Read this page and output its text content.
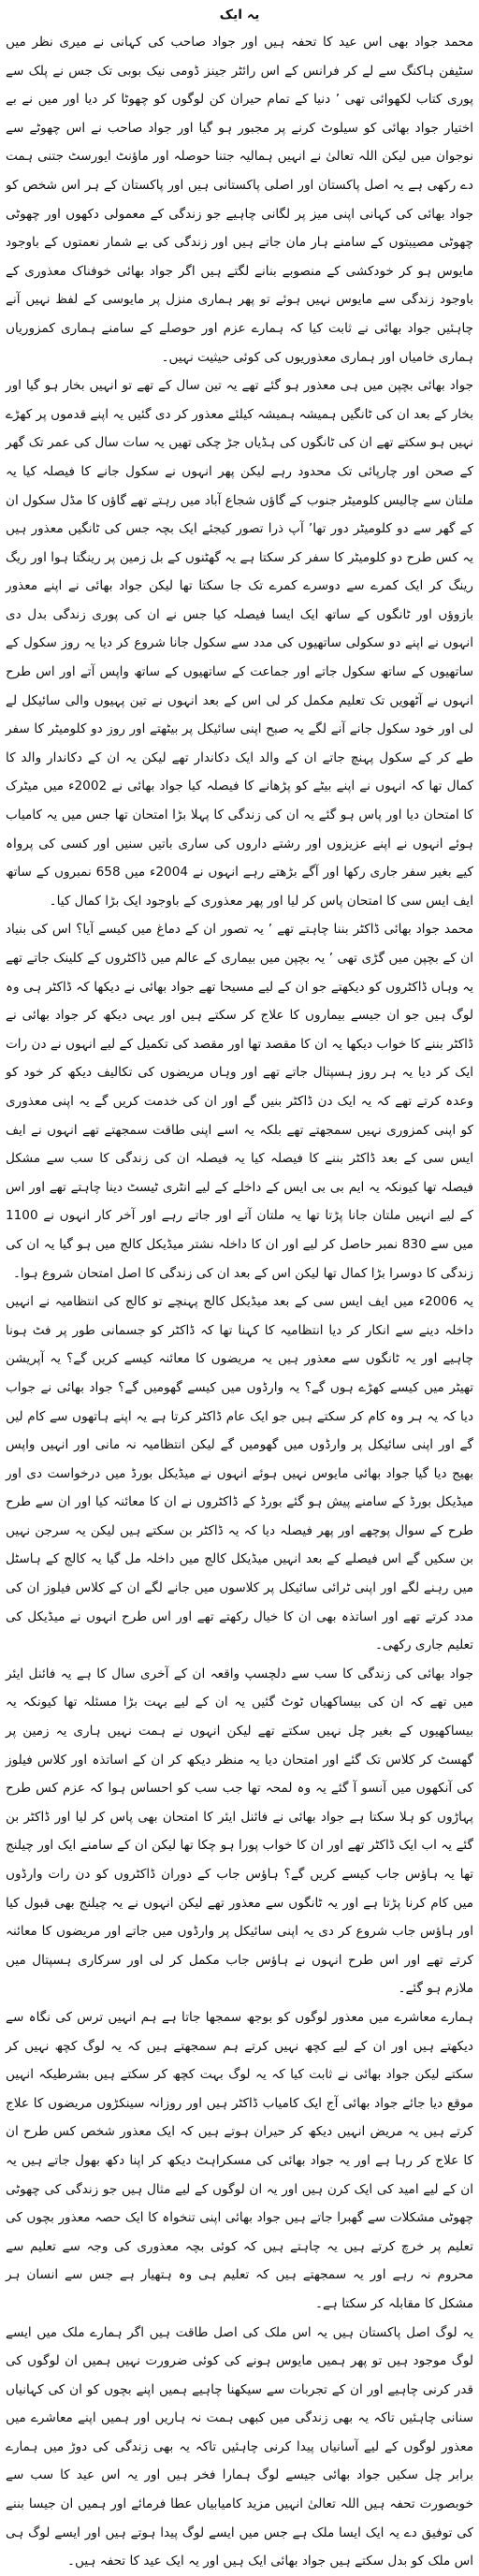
یہ ایک

محمد جواد بھی اس عید کا تحفہ ہیں اور جواد صاحب کی کہانی نے میری نظر میں سٹیفن ہاکنگ سے لے کر فرانس کے اس رائٹر جینز ڈومی نیک بوبی تک جس نے پلک سے پوری کتاب لکھوائی تھی ’ دنیا کے تمام حیران کن لوگوں کو چھوٹا کر دیا اور میں نے بے اختیار جواد بھائی کو سیلوٹ کرنے پر مجبور ہو گیا اور جواد صاحب نے اس چھوٹے سے نوجوان میں لیکن اللہ تعالیٰ نے انہیں ہمالیہ جتنا حوصلہ اور ماؤنٹ ایورسٹ جتنی ہمت دے رکھی ہے یہ اصل پاکستان اور اصلی پاکستانی ہیں اور پاکستان کے ہر اس شخص کو جواد بھائی کی کہانی اپنی میز پر لگانی چاہیے جو زندگی کے معمولی دکھوں اور چھوٹی چھوٹی مصیبتوں کے سامنے ہار مان جاتے ہیں اور زندگی کی بے شمار نعمتوں کے باوجود مایوس ہو کر خودکشی کے منصوبے بنانے لگتے ہیں اگر جواد بھائی خوفناک معذوری کے باوجود زندگی سے مایوس نہیں ہوئے تو پھر ہماری منزل پر مایوسی کے لفظ نہیں آنے چاہئیں جواد بھائی نے ثابت کیا کہ ہمارے عزم اور حوصلے کے سامنے ہماری کمزوریاں ہماری خامیاں اور ہماری معذوریوں کی کوئی حیثیت نہیں۔

جواد بھائی بچپن میں ہی معذور ہو گئے تھے یہ تین سال کے تھے تو انہیں بخار ہو گیا اور بخار کے بعد ان کی ٹانگیں ہمیشہ ہمیشہ کیلئے معذور کر دی گئیں یہ اپنے قدموں پر کھڑے نہیں ہو سکتے تھے ان کی ٹانگوں کی ہڈیاں جڑ چکی تھیں یہ سات سال کی عمر تک گھر کے صحن اور چارپائی تک محدود رہے لیکن پھر انہوں نے سکول جانے کا فیصلہ کیا یہ ملتان سے چالیس کلومیٹر جنوب کے گاؤں شجاع آباد میں رہتے تھے گاؤں کا مڈل سکول ان کے گھر سے دو کلومیٹر دور تھا’ آپ ذرا تصور کیجئے ایک بچہ جس کی ٹانگیں معذور ہیں یہ کس طرح دو کلومیٹر کا سفر کر سکتا ہے یہ گھٹنوں کے بل زمین پر رینگتا ہوا اور ریگ رینگ کر ایک کمرے سے دوسرے کمرے تک جا سکتا تھا لیکن جواد بھائی نے اپنے معذور بازوؤں اور ٹانگوں کے ساتھ ایک ایسا فیصلہ کیا جس نے ان کی پوری زندگی بدل دی انہوں نے اپنے دو سکولی ساتھیوں کی مدد سے سکول جانا شروع کر دیا یہ روز سکول کے ساتھیوں کے ساتھ سکول جاتے اور جماعت کے ساتھیوں کے ساتھ واپس آتے اور اس طرح انہوں نے آٹھویں تک تعلیم مکمل کر لی اس کے بعد انہوں نے تین پہیوں والی سائیکل لے لی اور خود سکول جانے آنے لگے یہ صبح اپنی سائیکل پر بیٹھتے اور روز دو کلومیٹر کا سفر طے کر کے سکول پہنچ جاتے ان کے والد ایک دکاندار تھے لیکن یہ ان کے دکاندار والد کا کمال تھا کہ انہوں نے اپنے بیٹے کو پڑھانے کا فیصلہ کیا جواد بھائی نے 2002ء میں میٹرک کا امتحان دیا اور پاس ہو گئے یہ ان کی زندگی کا پہلا بڑا امتحان تھا جس میں یہ کامیاب ہوئے انہوں نے اپنے عزیزوں اور رشتے داروں کی ساری باتیں سنیں اور کسی کی پرواہ کیے بغیر سفر جاری رکھا اور آگے بڑھتے رہے انہوں نے 2004ء میں 658 نمبروں کے ساتھ ایف ایس سی کا امتحان پاس کر لیا اور پھر معذوری کے باوجود ایک بڑا کمال کیا۔

محمد جواد بھائی ڈاکٹر بننا چاہتے تھے ’ یہ تصور ان کے دماغ میں کیسے آیا؟ اس کی بنیاد ان کے بچپن میں گڑی تھی ’ یہ بچپن میں بیماری کے عالم میں ڈاکٹروں کے کلینک جاتے تھے یہ وہاں ڈاکٹروں کو دیکھتے جو ان کے لیے مسیحا تھے جواد بھائی نے دیکھا کہ ڈاکٹر ہی وہ لوگ ہیں جو ان جیسے بیماروں کا علاج کر سکتے ہیں اور یہی دیکھ کر جواد بھائی نے ڈاکٹر بننے کا خواب دیکھا یہ ان کا مقصد تھا اور مقصد کی تکمیل کے لیے انہوں نے دن رات ایک کر دیا یہ ہر روز ہسپتال جاتے تھے اور وہاں مریضوں کی تکالیف دیکھ کر خود کو وعدہ کرتے تھے کہ یہ ایک دن ڈاکٹر بنیں گے اور ان کی خدمت کریں گے یہ اپنی معذوری کو اپنی کمزوری نہیں سمجھتے تھے بلکہ یہ اسے اپنی طاقت سمجھتے تھے انہوں نے ایف ایس سی کے بعد ڈاکٹر بننے کا فیصلہ کیا یہ فیصلہ ان کی زندگی کا سب سے مشکل فیصلہ تھا کیونکہ یہ ایم بی بی ایس کے داخلے کے لیے انٹری ٹیسٹ دینا چاہتے تھے اور اس کے لیے انہیں ملتان جانا پڑتا تھا یہ ملتان آتے اور جاتے رہے اور آخر کار انہوں نے 1100 میں سے 830 نمبر حاصل کر لیے اور ان کا داخلہ نشتر میڈیکل کالج میں ہو گیا یہ ان کی زندگی کا دوسرا بڑا کمال تھا لیکن اس کے بعد ان کی زندگی کا اصل امتحان شروع ہوا۔

یہ 2006ء میں ایف ایس سی کے بعد میڈیکل کالج پہنچے تو کالج کی انتظامیہ نے انہیں داخلہ دینے سے انکار کر دیا انتظامیہ کا کہنا تھا کہ ڈاکٹر کو جسمانی طور پر فٹ ہونا چاہیے اور یہ ٹانگوں سے معذور ہیں یہ مریضوں کا معائنہ کیسے کریں گے؟ یہ آپریشن تھیٹر میں کیسے کھڑے ہوں گے؟ یہ وارڈوں میں کیسے گھومیں گے؟ جواد بھائی نے جواب دیا کہ یہ ہر وہ کام کر سکتے ہیں جو ایک عام ڈاکٹر کرتا ہے یہ اپنے ہاتھوں سے کام لیں گے اور اپنی سائیکل پر وارڈوں میں گھومیں گے لیکن انتظامیہ نہ مانی اور انہیں واپس بھیج دیا گیا جواد بھائی مایوس نہیں ہوئے انہوں نے میڈیکل بورڈ میں درخواست دی اور میڈیکل بورڈ کے سامنے پیش ہو گئے بورڈ کے ڈاکٹروں نے ان کا معائنہ کیا اور ان سے طرح طرح کے سوال پوچھے اور پھر فیصلہ دیا کہ یہ ڈاکٹر بن سکتے ہیں لیکن یہ سرجن نہیں بن سکیں گے اس فیصلے کے بعد انہیں میڈیکل کالج میں داخلہ مل گیا یہ کالج کے ہاسٹل میں رہنے لگے اور اپنی ٹرائی سائیکل پر کلاسوں میں جانے لگے ان کے کلاس فیلوز ان کی مدد کرتے تھے اور اساتذہ بھی ان کا خیال رکھتے تھے اور اس طرح انہوں نے میڈیکل کی تعلیم جاری رکھی۔

جواد بھائی کی زندگی کا سب سے دلچسپ واقعہ ان کے آخری سال کا ہے یہ فائنل ایئر میں تھے کہ ان کی بیساکھیاں ٹوٹ گئیں یہ ان کے لیے بہت بڑا مسئلہ تھا کیونکہ یہ بیساکھیوں کے بغیر چل نہیں سکتے تھے لیکن انہوں نے ہمت نہیں ہاری یہ زمین پر گھسٹ کر کلاس تک گئے اور امتحان دیا یہ منظر دیکھ کر ان کے اساتذہ اور کلاس فیلوز کی آنکھوں میں آنسو آ گئے یہ وہ لمحہ تھا جب سب کو احساس ہوا کہ عزم کس طرح پہاڑوں کو ہلا سکتا ہے جواد بھائی نے فائنل ایئر کا امتحان بھی پاس کر لیا اور ڈاکٹر بن گئے یہ اب ایک ڈاکٹر تھے اور ان کا خواب پورا ہو چکا تھا لیکن ان کے سامنے ایک اور چیلنج تھا یہ ہاؤس جاب کیسے کریں گے؟ ہاؤس جاب کے دوران ڈاکٹروں کو دن رات وارڈوں میں کام کرنا پڑتا ہے اور یہ ٹانگوں سے معذور تھے لیکن انہوں نے یہ چیلنج بھی قبول کیا اور ہاؤس جاب شروع کر دی یہ اپنی سائیکل پر وارڈوں میں جاتے اور مریضوں کا معائنہ کرتے تھے اور اس طرح انہوں نے ہاؤس جاب مکمل کر لی اور سرکاری ہسپتال میں ملازم ہو گئے۔

ہمارے معاشرے میں معذور لوگوں کو بوجھ سمجھا جاتا ہے ہم انہیں ترس کی نگاہ سے دیکھتے ہیں اور ان کے لیے کچھ نہیں کرتے ہم سمجھتے ہیں کہ یہ لوگ کچھ نہیں کر سکتے لیکن جواد بھائی نے ثابت کیا کہ یہ لوگ بہت کچھ کر سکتے ہیں بشرطیکہ انہیں موقع دیا جائے جواد بھائی آج ایک کامیاب ڈاکٹر ہیں اور روزانہ سینکڑوں مریضوں کا علاج کرتے ہیں یہ مریض انہیں دیکھ کر حیران ہوتے ہیں کہ ایک معذور شخص کس طرح ان کا علاج کر رہا ہے اور یہ جواد بھائی کی مسکراہٹ دیکھ کر اپنا دکھ بھول جاتے ہیں یہ ان کے لیے امید کی ایک کرن ہیں اور یہ ان لوگوں کے لیے مثال ہیں جو زندگی کی چھوٹی چھوٹی مشکلات سے گھبرا جاتے ہیں جواد بھائی اپنی تنخواہ کا ایک حصہ معذور بچوں کی تعلیم پر خرچ کرتے ہیں یہ چاہتے ہیں کہ کوئی بچہ معذوری کی وجہ سے تعلیم سے محروم نہ رہے اور یہ سمجھتے ہیں کہ تعلیم ہی وہ ہتھیار ہے جس سے انسان ہر مشکل کا مقابلہ کر سکتا ہے۔

یہ لوگ اصل پاکستان ہیں یہ اس ملک کی اصل طاقت ہیں اگر ہمارے ملک میں ایسے لوگ موجود ہیں تو پھر ہمیں مایوس ہونے کی کوئی ضرورت نہیں ہمیں ان لوگوں کی قدر کرنی چاہیے اور ان کے تجربات سے سیکھنا چاہیے ہمیں اپنے بچوں کو ان کی کہانیاں سنانی چاہئیں تاکہ یہ بھی زندگی میں کبھی ہمت نہ ہاریں اور ہمیں اپنے معاشرے میں معذور لوگوں کے لیے آسانیاں پیدا کرنی چاہئیں تاکہ یہ بھی زندگی کی دوڑ میں ہمارے برابر چل سکیں جواد بھائی جیسے لوگ ہمارا فخر ہیں اور یہ اس عید کا سب سے خوبصورت تحفہ ہیں اللہ تعالیٰ انہیں مزید کامیابیاں عطا فرمائے اور ہمیں ان جیسا بننے کی توفیق دے یہ ایک ایسا ملک ہے جس میں ایسے لوگ پیدا ہوتے ہیں اور ایسے لوگ ہی اس ملک کو بدل سکتے ہیں جواد بھائی ایک ہیں اور یہ ایک عید کا تحفہ ہیں۔
